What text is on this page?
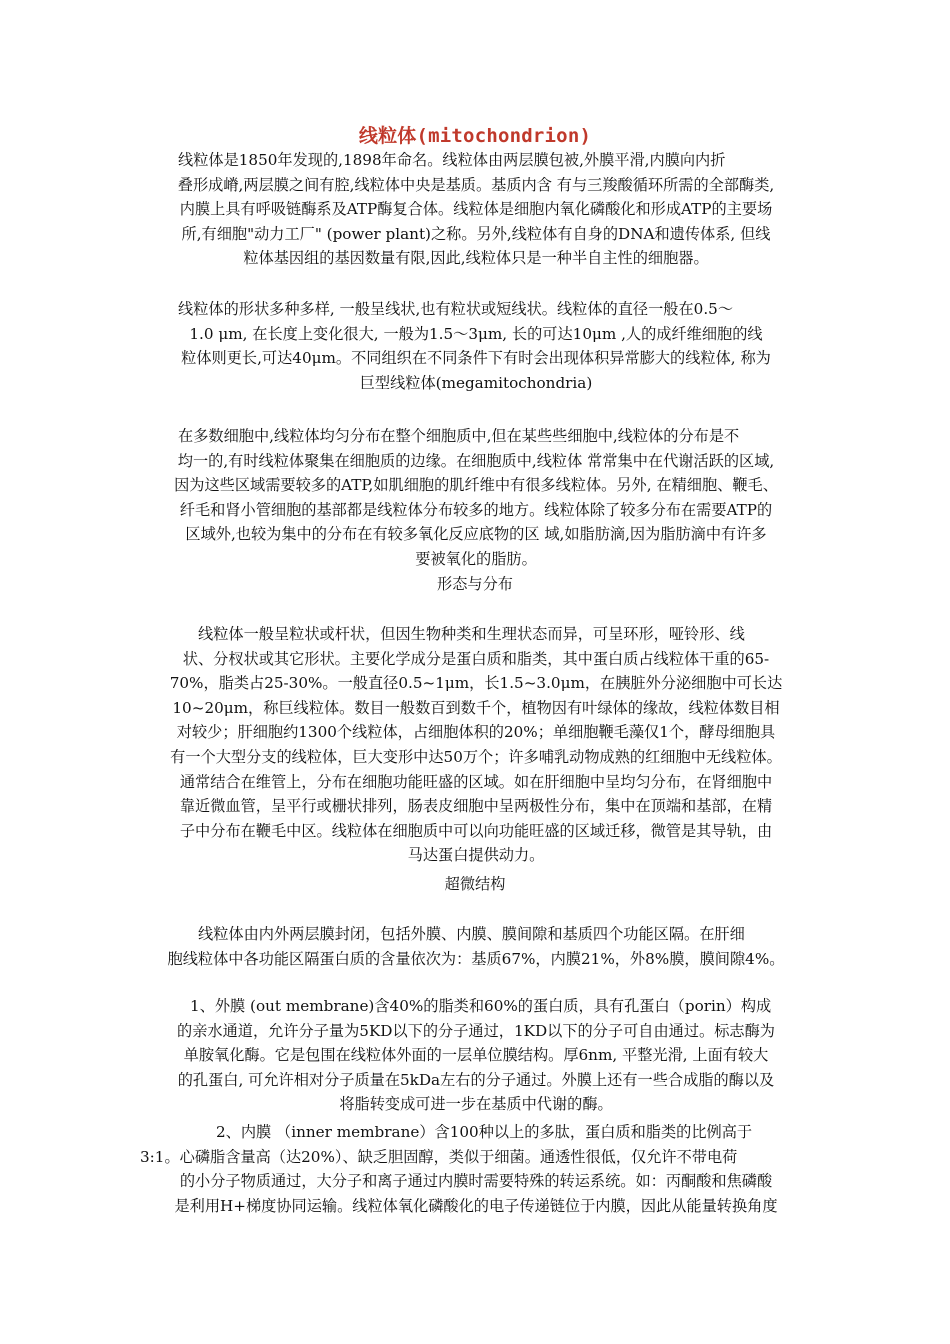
线粒体(mitochondrion)

线粒体是1850年发现的,1898年命名。线粒体由两层膜包被,外膜平滑,内膜向内折

叠形成嵴,两层膜之间有腔,线粒体中央是基质。基质内含 有与三羧酸循环所需的全部酶类,

内膜上具有呼吸链酶系及ATP酶复合体。线粒体是细胞内氧化磷酸化和形成ATP的主要场

所,有细胞"动力工厂" (power plant)之称。另外,线粒体有自身的DNA和遗传体系, 但线

粒体基因组的基因数量有限,因此,线粒体只是一种半自主性的细胞器。

线粒体的形状多种多样, 一般呈线状,也有粒状或短线状。线粒体的直径一般在0.5～

1.0 μm, 在长度上变化很大, 一般为1.5～3μm, 长的可达10μm ,人的成纤维细胞的线

粒体则更长,可达40μm。不同组织在不同条件下有时会出现体积异常膨大的线粒体, 称为

巨型线粒体(megamitochondria)

在多数细胞中,线粒体均匀分布在整个细胞质中,但在某些些细胞中,线粒体的分布是不

均一的,有时线粒体聚集在细胞质的边缘。在细胞质中,线粒体 常常集中在代谢活跃的区域,

因为这些区域需要较多的ATP,如肌细胞的肌纤维中有很多线粒体。另外, 在精细胞、鞭毛、

纤毛和肾小管细胞的基部都是线粒体分布较多的地方。线粒体除了较多分布在需要ATP的

区域外,也较为集中的分布在有较多氧化反应底物的区 域,如脂肪滴,因为脂肪滴中有许多

要被氧化的脂肪。

形态与分布

线粒体一般呈粒状或杆状，但因生物种类和生理状态而异，可呈环形，哑铃形、线

状、分杈状或其它形状。主要化学成分是蛋白质和脂类，其中蛋白质占线粒体干重的65-

70%，脂类占25-30%。一般直径0.5~1μm，长1.5~3.0μm，在胰脏外分泌细胞中可长达

10~20μm，称巨线粒体。数目一般数百到数千个，植物因有叶绿体的缘故，线粒体数目相

对较少；肝细胞约1300个线粒体，占细胞体积的20%；单细胞鞭毛藻仅1个，酵母细胞具

有一个大型分支的线粒体，巨大变形中达50万个；许多哺乳动物成熟的红细胞中无线粒体。

通常结合在维管上，分布在细胞功能旺盛的区域。如在肝细胞中呈均匀分布，在肾细胞中

靠近微血管，呈平行或栅状排列，肠表皮细胞中呈两极性分布，集中在顶端和基部，在精

子中分布在鞭毛中区。线粒体在细胞质中可以向功能旺盛的区域迁移，微管是其导轨，由

马达蛋白提供动力。

超微结构

线粒体由内外两层膜封闭，包括外膜、内膜、膜间隙和基质四个功能区隔。在肝细

胞线粒体中各功能区隔蛋白质的含量依次为：基质67%，内膜21%，外8%膜，膜间隙4%。

1、外膜 (out membrane)含40%的脂类和60%的蛋白质，具有孔蛋白（porin）构成

的亲水通道，允许分子量为5KD以下的分子通过，1KD以下的分子可自由通过。标志酶为

单胺氧化酶。它是包围在线粒体外面的一层单位膜结构。厚6nm, 平整光滑, 上面有较大

的孔蛋白, 可允许相对分子质量在5kDa左右的分子通过。外膜上还有一些合成脂的酶以及

将脂转变成可进一步在基质中代谢的酶。

2、内膜 （inner membrane）含100种以上的多肽，蛋白质和脂类的比例高于

3:1。心磷脂含量高（达20%）、缺乏胆固醇，类似于细菌。通透性很低，仅允许不带电荷

的小分子物质通过，大分子和离子通过内膜时需要特殊的转运系统。如：丙酮酸和焦磷酸

是利用H+梯度协同运输。线粒体氧化磷酸化的电子传递链位于内膜，因此从能量转换角度
